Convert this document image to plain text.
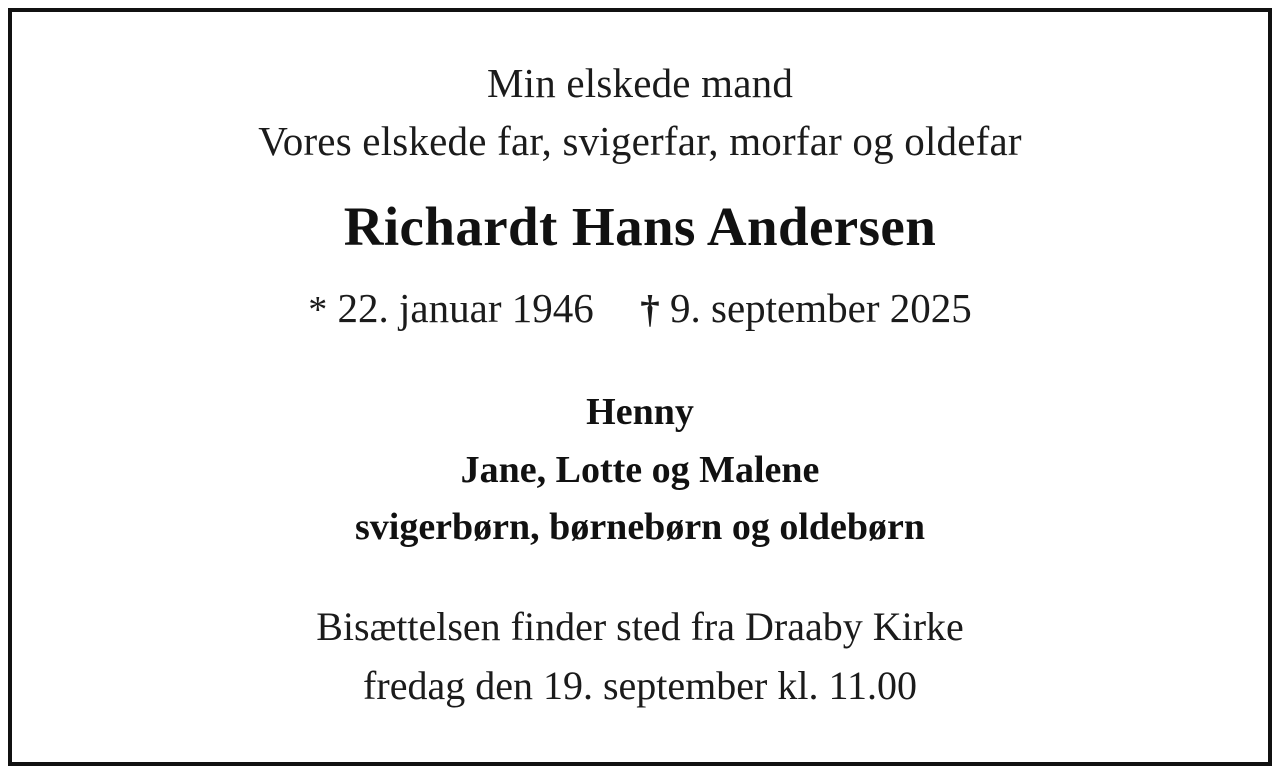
Min elskede mand
Vores elskede far, svigerfar, morfar og oldefar
Richardt Hans Andersen
* 22. januar 1946 † 9. september 2025
Henny
Jane, Lotte og Malene
svigerbørn, børnebørn og oldebørn
Bisættelsen finder sted fra Draaby Kirke
fredag den 19. september kl. 11.00
